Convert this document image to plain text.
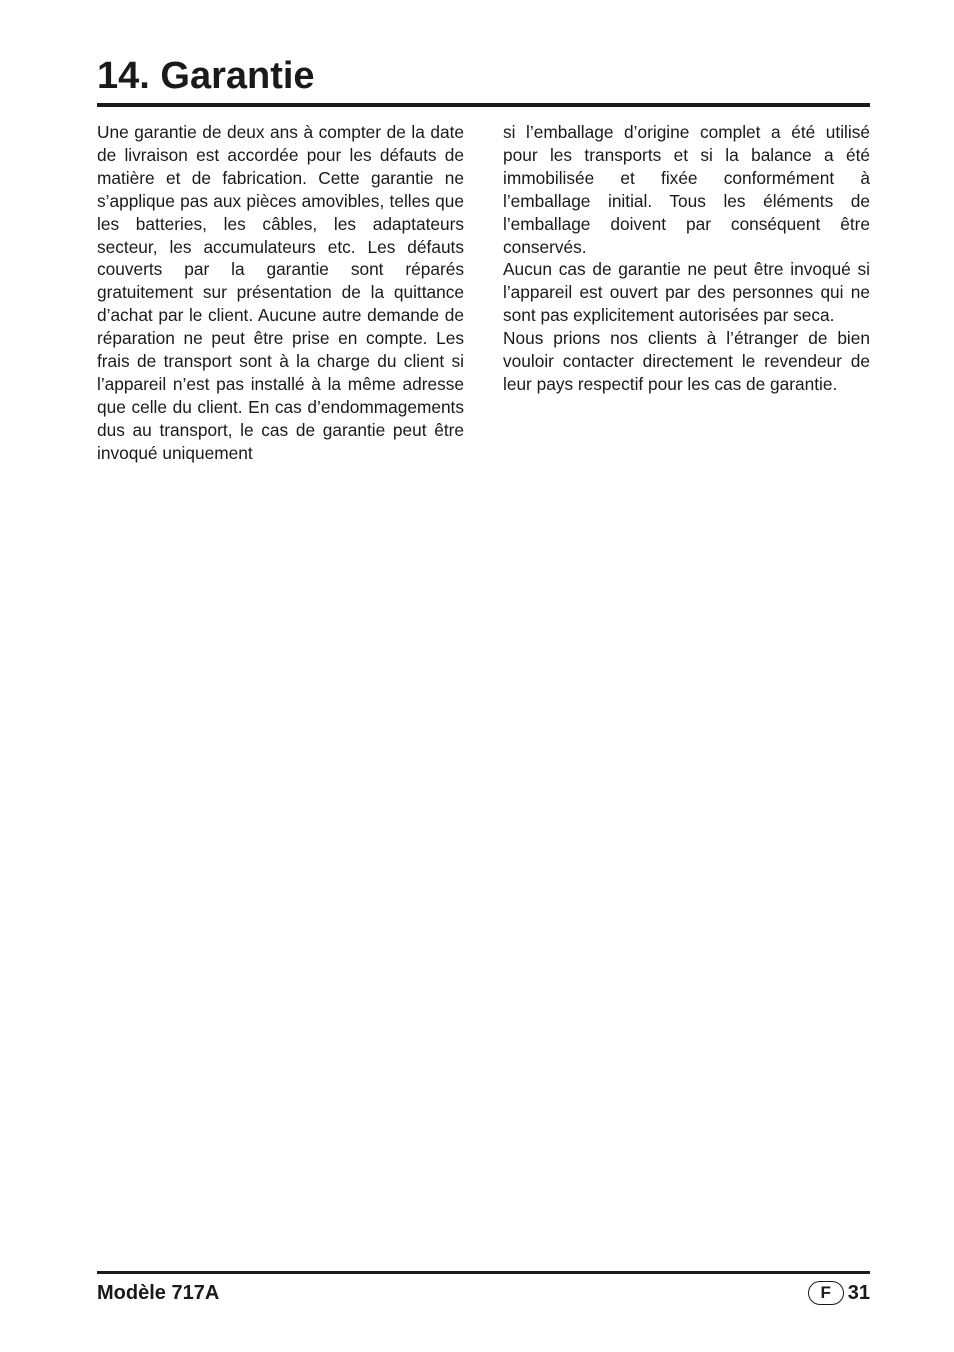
14. Garantie

Une garantie de deux ans à compter de la date de livraison est accordée pour les défauts de matière et de fabrication. Cette garantie ne s’applique pas aux pièces amovibles, telles que les batteries, les câbles, les adaptateurs secteur, les accumulateurs etc. Les défauts couverts par la garantie sont réparés gratuitement sur présentation de la quittance d’achat par le client. Aucune autre demande de réparation ne peut être prise en compte. Les frais de transport sont à la charge du client si l’appareil n’est pas installé à la même adresse que celle du client. En cas d’endommagements dus au transport, le cas de garantie peut être invoqué uniquement

si l’emballage d’origine complet a été utilisé pour les transports et si la balance a été immobilisée et fixée conformément à l’emballage initial. Tous les éléments de l’emballage doivent par conséquent être conservés.

Aucun cas de garantie ne peut être invoqué si l’appareil est ouvert par des personnes qui ne sont pas explicitement autorisées par seca.

Nous prions nos clients à l’étranger de bien vouloir contacter directement le revendeur de leur pays respectif pour les cas de garantie.

Modèle 717A	F 31
